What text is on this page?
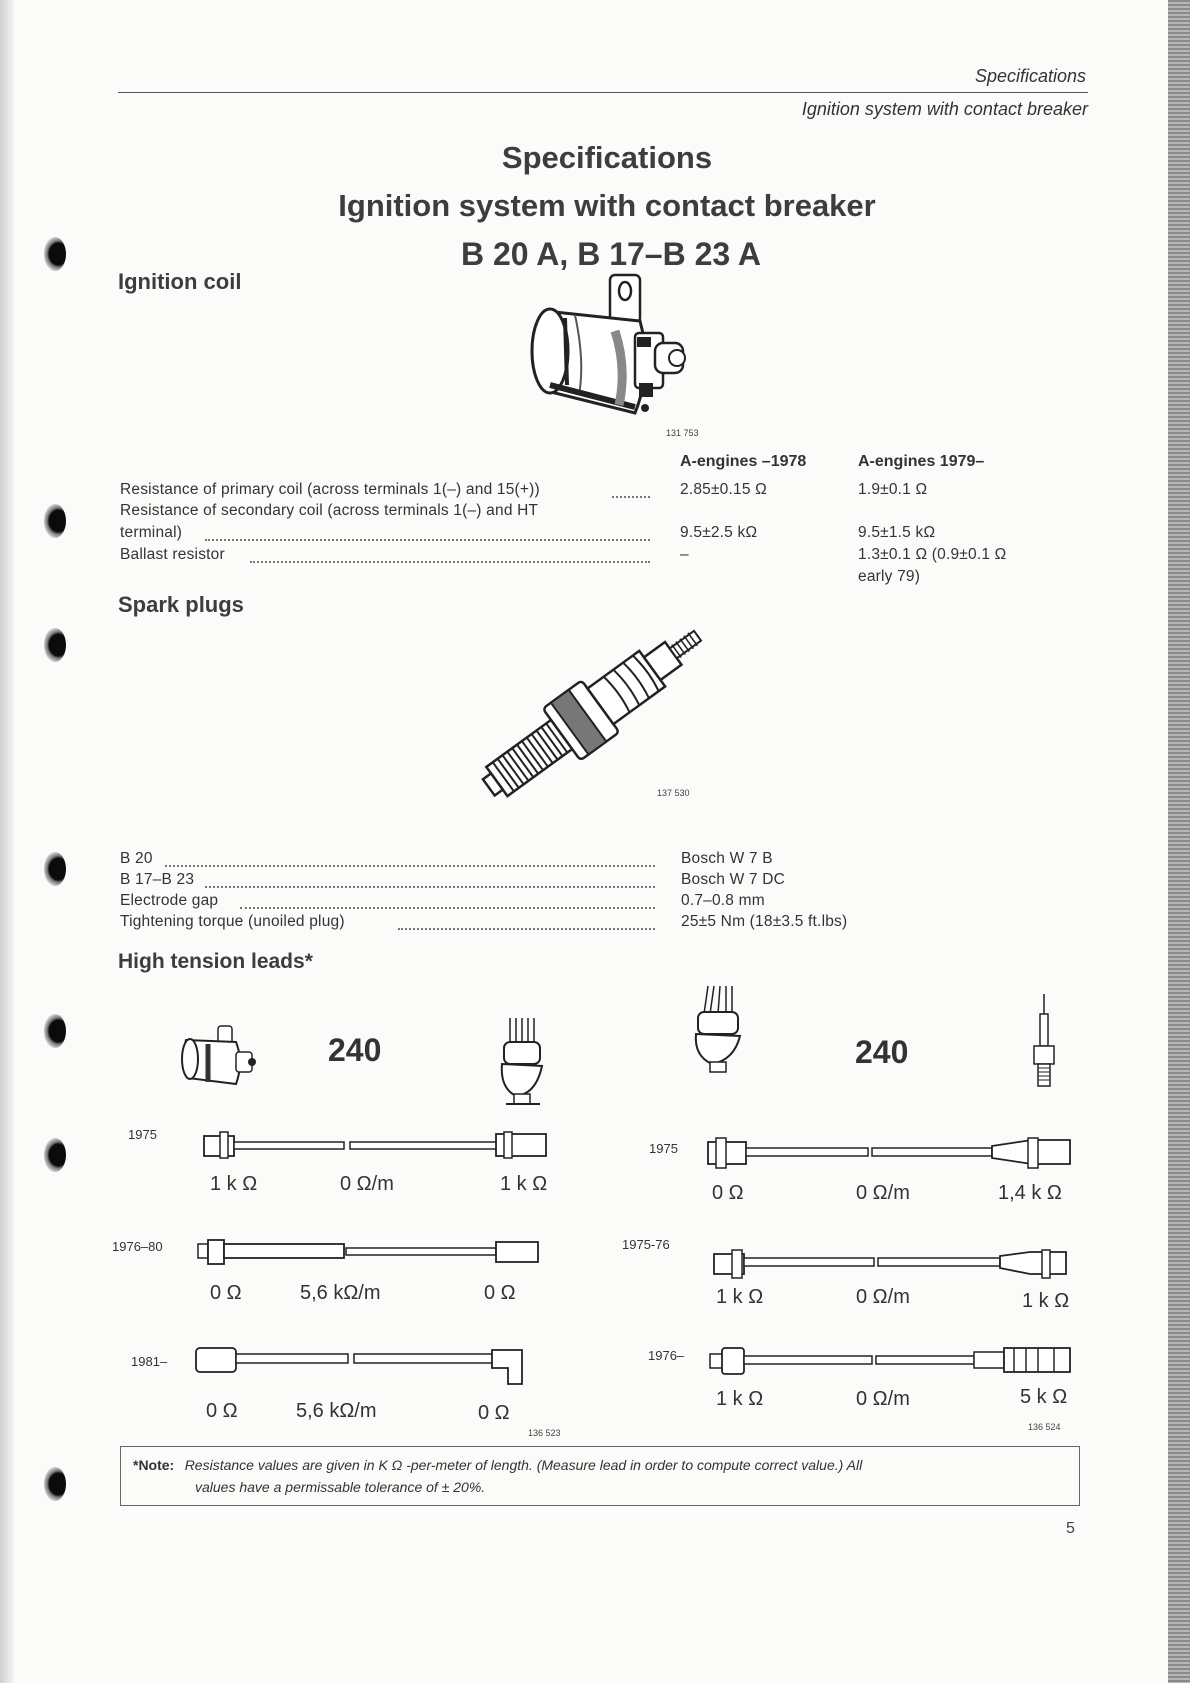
Specifications
Ignition system with contact breaker
Specifications
Ignition system with contact breaker
B 20 A, B 17–B 23 A
Ignition coil
131 753
A-engines –1978	A-engines 1979–
Resistance of primary coil (across terminals 1(–) and 15(+))	2.85±0.15 Ω	1.9±0.1 Ω
Resistance of secondary coil (across terminals 1(–) and HT
terminal)	9.5±2.5 kΩ	9.5±1.5 kΩ
Ballast resistor	–	1.3±0.1 Ω (0.9±0.1 Ω
early 79)
Spark plugs
137 530
B 20	Bosch W 7 B
B 17–B 23	Bosch W 7 DC
Electrode gap	0.7–0.8 mm
Tightening torque (unoiled plug)	25±5 Nm (18±3.5 ft.lbs)
High tension leads*
240	240
1975
1 k Ω	0 Ω/m	1 k Ω
1976–80
0 Ω	5,6 kΩ/m	0 Ω
1981–
0 Ω	5,6 kΩ/m	0 Ω
136 523
1975
0 Ω	0 Ω/m	1,4 k Ω
1975-76
1 k Ω	0 Ω/m	1 k Ω
1976–
1 k Ω	0 Ω/m	5 k Ω
136 524
*Note: Resistance values are given in K Ω -per-meter of length. (Measure lead in order to compute correct value.) All
values have a permissable tolerance of ± 20%.
5
